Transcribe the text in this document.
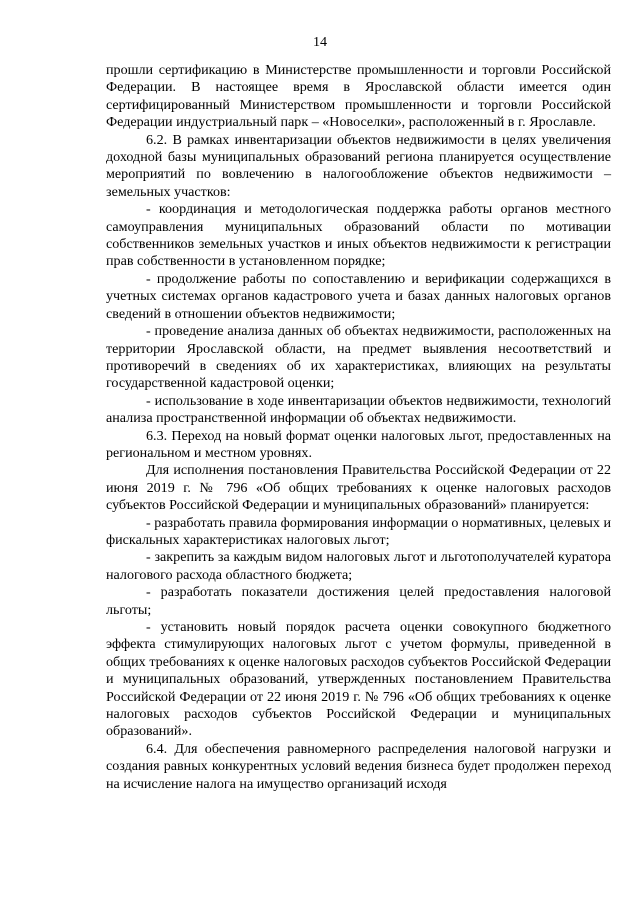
14

прошли сертификацию в Министерстве промышленности и торговли Российской Федерации. В настоящее время в Ярославской области имеется один сертифицированный Министерством промышленности и торговли Российской Федерации индустриальный парк – «Новоселки», расположенный в г. Ярославле.

6.2. В рамках инвентаризации объектов недвижимости в целях увеличения доходной базы муниципальных образований региона планируется осуществление мероприятий по вовлечению в налогообложение объектов недвижимости – земельных участков:

- координация и методологическая поддержка работы органов местного самоуправления муниципальных образований области по мотивации собственников земельных участков и иных объектов недвижимости к регистрации прав собственности в установленном порядке;

- продолжение работы по сопоставлению и верификации содержащихся в учетных системах органов кадастрового учета и базах данных налоговых органов сведений в отношении объектов недвижимости;

- проведение анализа данных об объектах недвижимости, расположенных на территории Ярославской области, на предмет выявления несоответствий и противоречий в сведениях об их характеристиках, влияющих на результаты государственной кадастровой оценки;

- использование в ходе инвентаризации объектов недвижимости, технологий анализа пространственной информации об объектах недвижимости.

6.3. Переход на новый формат оценки налоговых льгот, предоставленных на региональном и местном уровнях.

Для исполнения постановления Правительства Российской Федерации от 22 июня 2019 г. № 796 «Об общих требованиях к оценке налоговых расходов субъектов Российской Федерации и муниципальных образований» планируется:

- разработать правила формирования информации о нормативных, целевых и фискальных характеристиках налоговых льгот;

- закрепить за каждым видом налоговых льгот и льготополучателей куратора налогового расхода областного бюджета;

- разработать показатели достижения целей предоставления налоговой льготы;

- установить новый порядок расчета оценки совокупного бюджетного эффекта стимулирующих налоговых льгот с учетом формулы, приведенной в общих требованиях к оценке налоговых расходов субъектов Российской Федерации и муниципальных образований, утвержденных постановлением Правительства Российской Федерации от 22 июня 2019 г. № 796 «Об общих требованиях к оценке налоговых расходов субъектов Российской Федерации и муниципальных образований».

6.4. Для обеспечения равномерного распределения налоговой нагрузки и создания равных конкурентных условий ведения бизнеса будет продолжен переход на исчисление налога на имущество организаций исходя
